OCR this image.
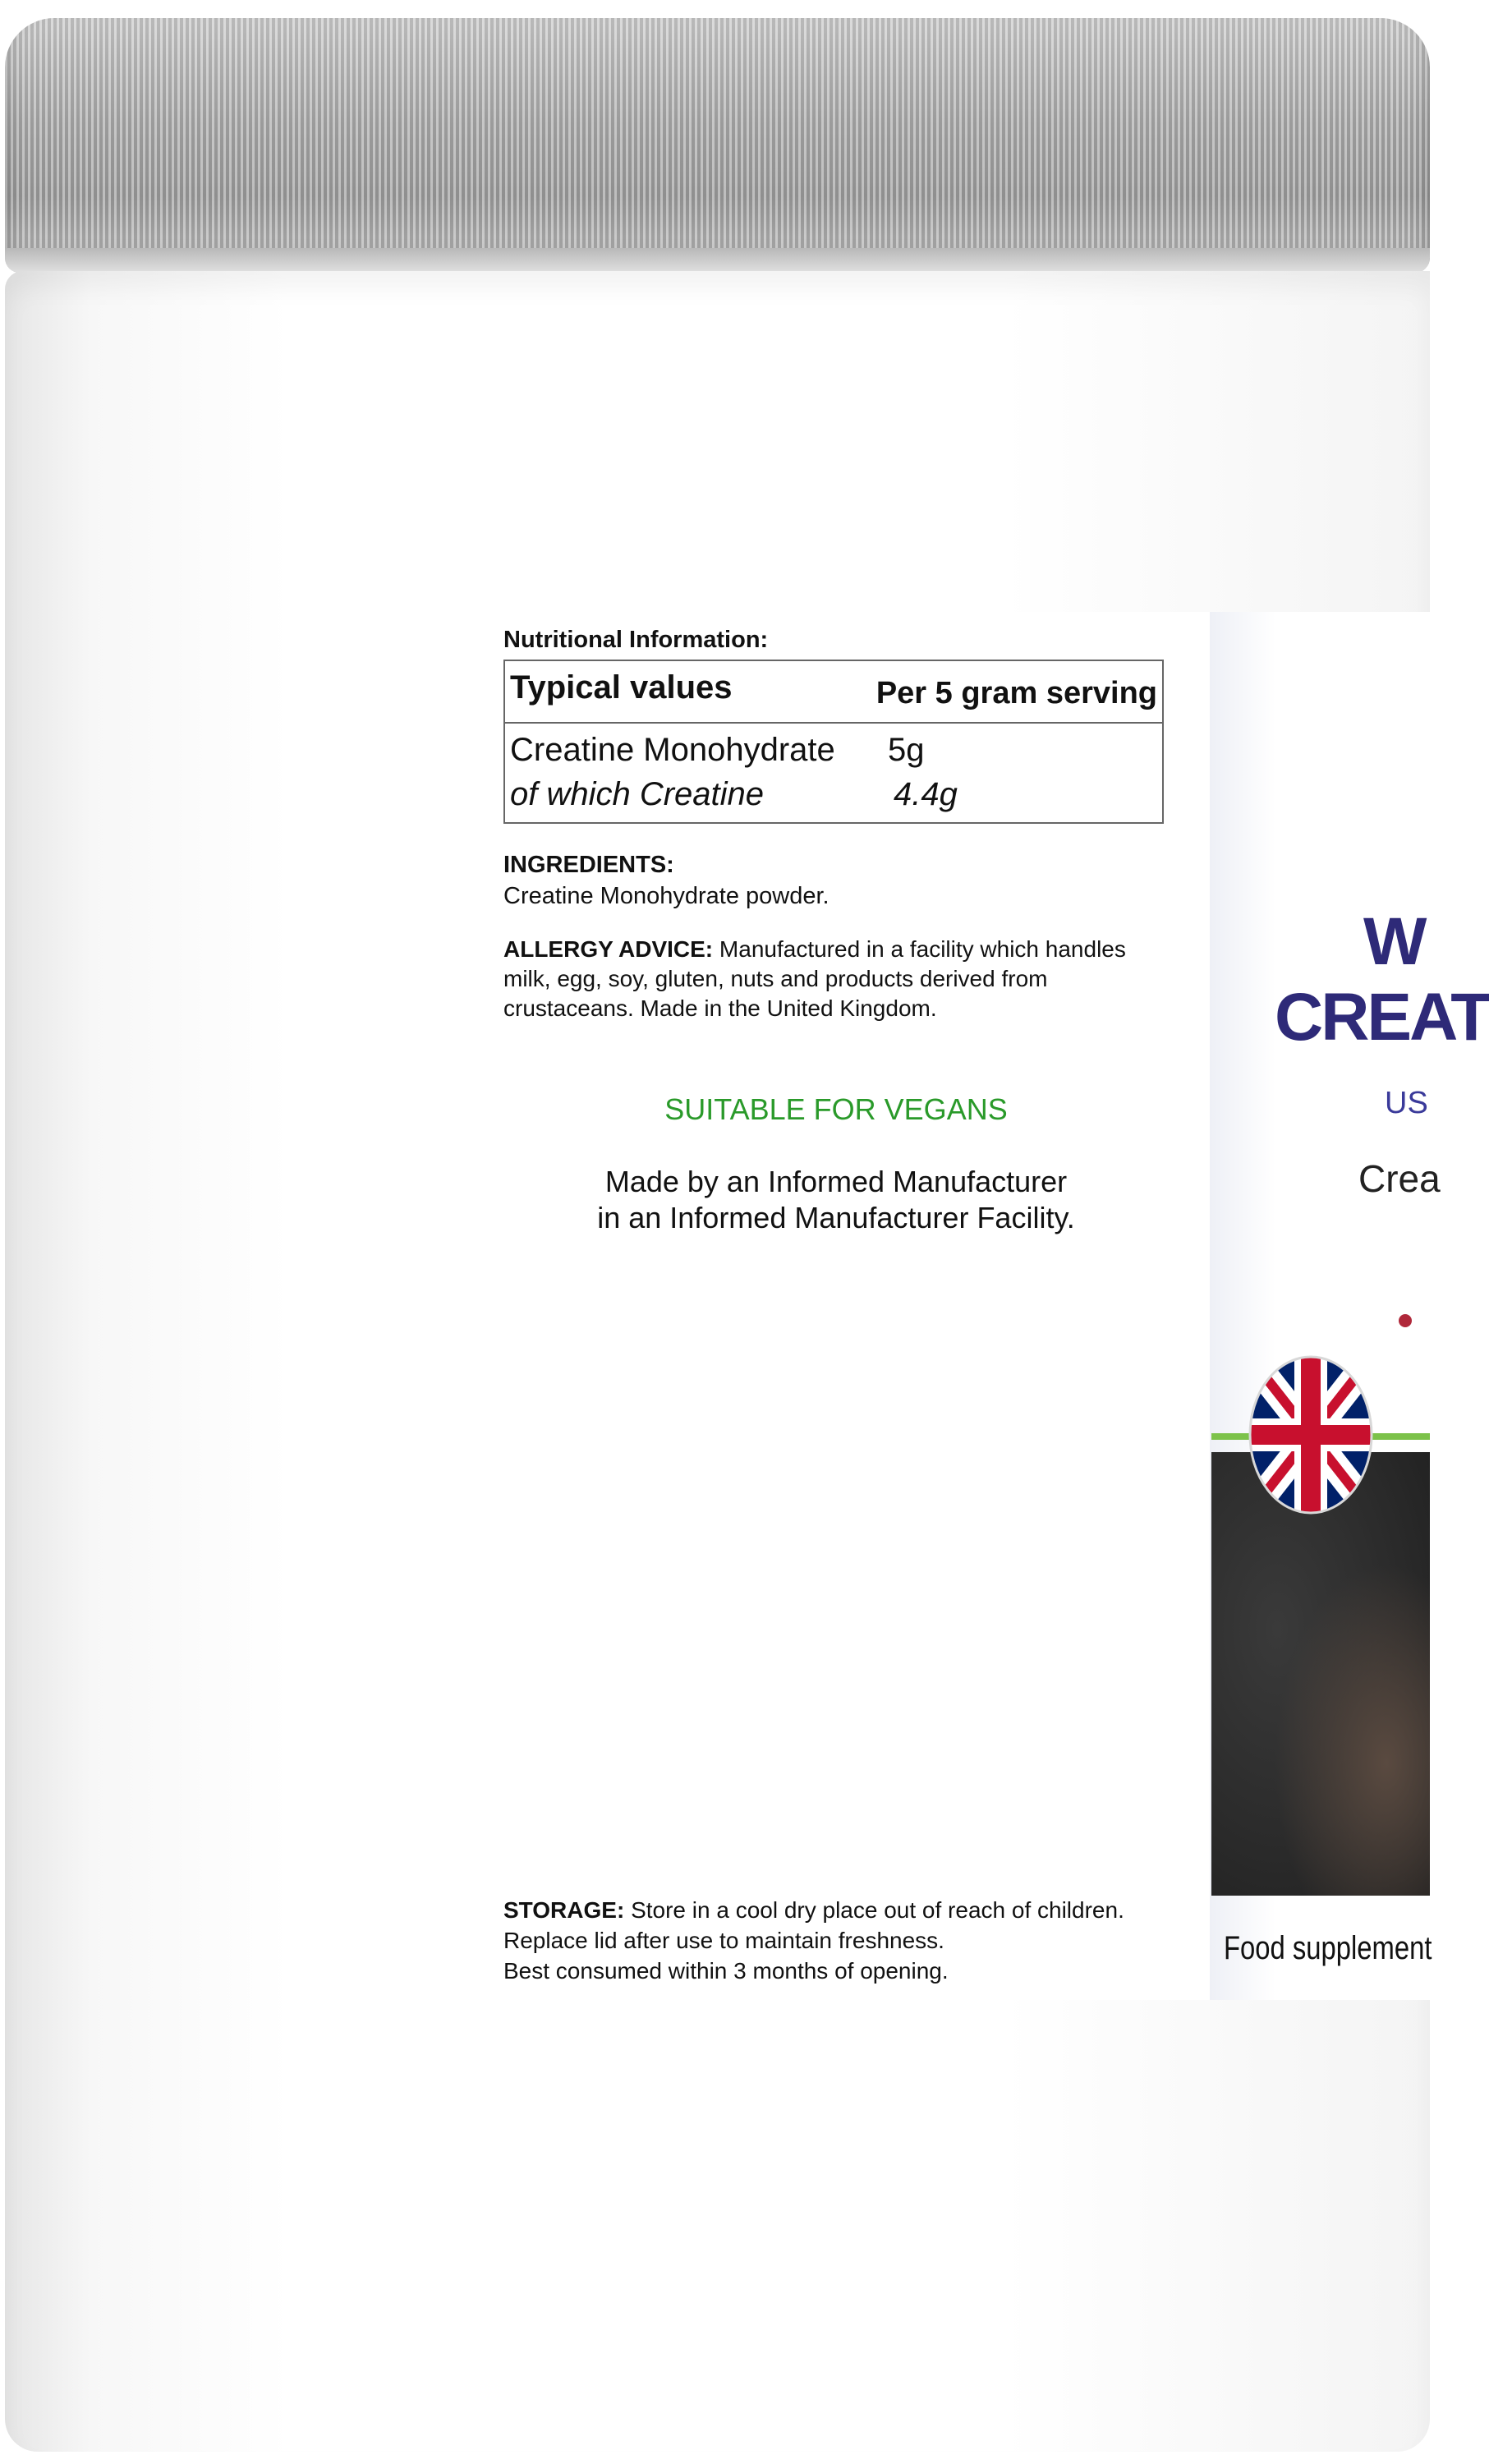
Nutritional Information:
Typical values	Per 5 gram serving
Creatine Monohydrate 5g
of which Creatine	4.4g
INGREDIENTS:
Creatine Monohydrate powder.
ALLERGY ADVICE: Manufactured in a facility which handles milk, egg, soy, gluten, nuts and products derived from crustaceans. Made in the United Kingdom.
SUITABLE FOR VEGANS
Made by an Informed Manufacturer
in an Informed Manufacturer Facility.
STORAGE: Store in a cool dry place out of reach of children.
Replace lid after use to maintain freshness.
Best consumed within 3 months of opening.
W
CREAT
US
Crea
Food supplement
